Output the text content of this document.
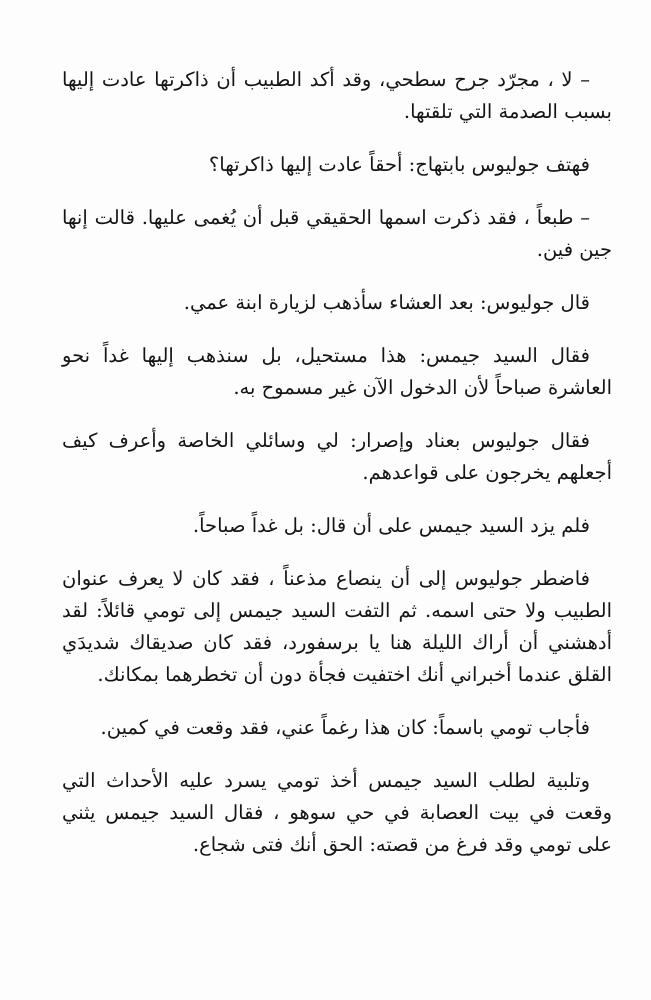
– لا ، مجرّد جرح سطحي، وقد أكد الطبيب أن ذاكرتها عادت إليها بسبب الصدمة التي تلقتها.

فهتف جوليوس بابتهاج: أحقاً عادت إليها ذاكرتها؟

– طبعاً ، فقد ذكرت اسمها الحقيقي قبل أن يُغمى عليها. قالت إنها جين فين.

قال جوليوس: بعد العشاء سأذهب لزيارة ابنة عمي.

فقال السيد جيمس: هذا مستحيل، بل سنذهب إليها غداً نحو العاشرة صباحاً لأن الدخول الآن غير مسموح به.

فقال جوليوس بعناد وإصرار: لي وسائلي الخاصة وأعرف كيف أجعلهم يخرجون على قواعدهم.

فلم يزد السيد جيمس على أن قال: بل غداً صباحاً.

فاضطر جوليوس إلى أن ينصاع مذعناً ، فقد كان لا يعرف عنوان الطبيب ولا حتى اسمه. ثم التفت السيد جيمس إلى تومي قائلاً: لقد أدهشني أن أراك الليلة هنا يا برسفورد، فقد كان صديقاك شديدَي القلق عندما أخبراني أنك اختفيت فجأة دون أن تخطرهما بمكانك.

فأجاب تومي باسماً: كان هذا رغماً عني، فقد وقعت في كمين.

وتلبية لطلب السيد جيمس أخذ تومي يسرد عليه الأحداث التي وقعت في بيت العصابة في حي سوهو ، فقال السيد جيمس يثني على تومي وقد فرغ من قصته: الحق أنك فتى شجاع.
